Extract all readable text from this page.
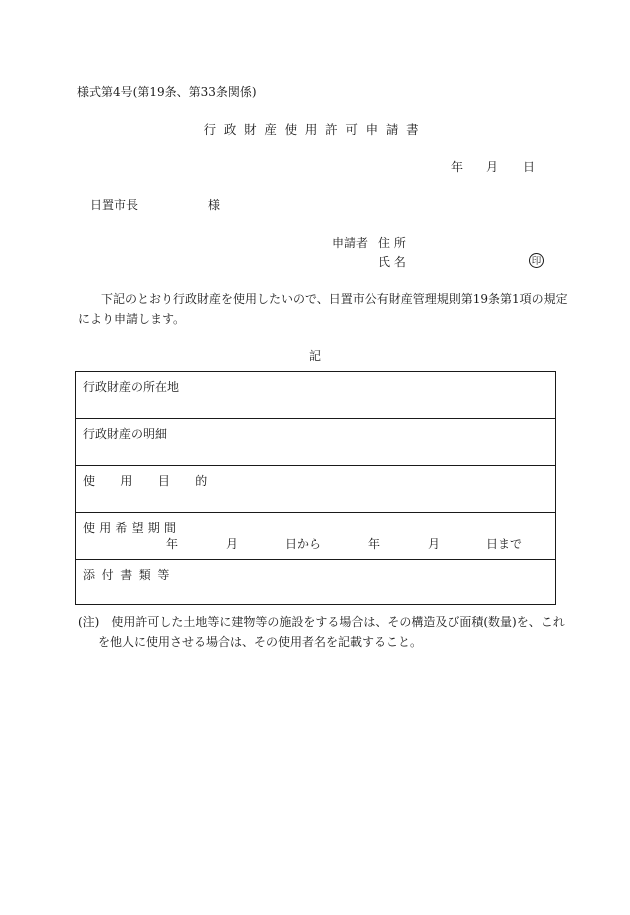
様式第4号(第19条、第33条関係)
行政財産使用許可申請書
年 月 日
日置市長	様
申請者 住 所
氏 名	印
下記のとおり行政財産を使用したいので、日置市公有財産管理規則第19条第1項の規定
により申請します。
記
行政財産の所在地
行政財産の明細
使 用 目 的
使用希望期間
年	月	日から	年	月	日まで
添付書類等
(注)　使用許可した土地等に建物等の施設をする場合は、その構造及び面積(数量)を、これ
を他人に使用させる場合は、その使用者名を記載すること。
